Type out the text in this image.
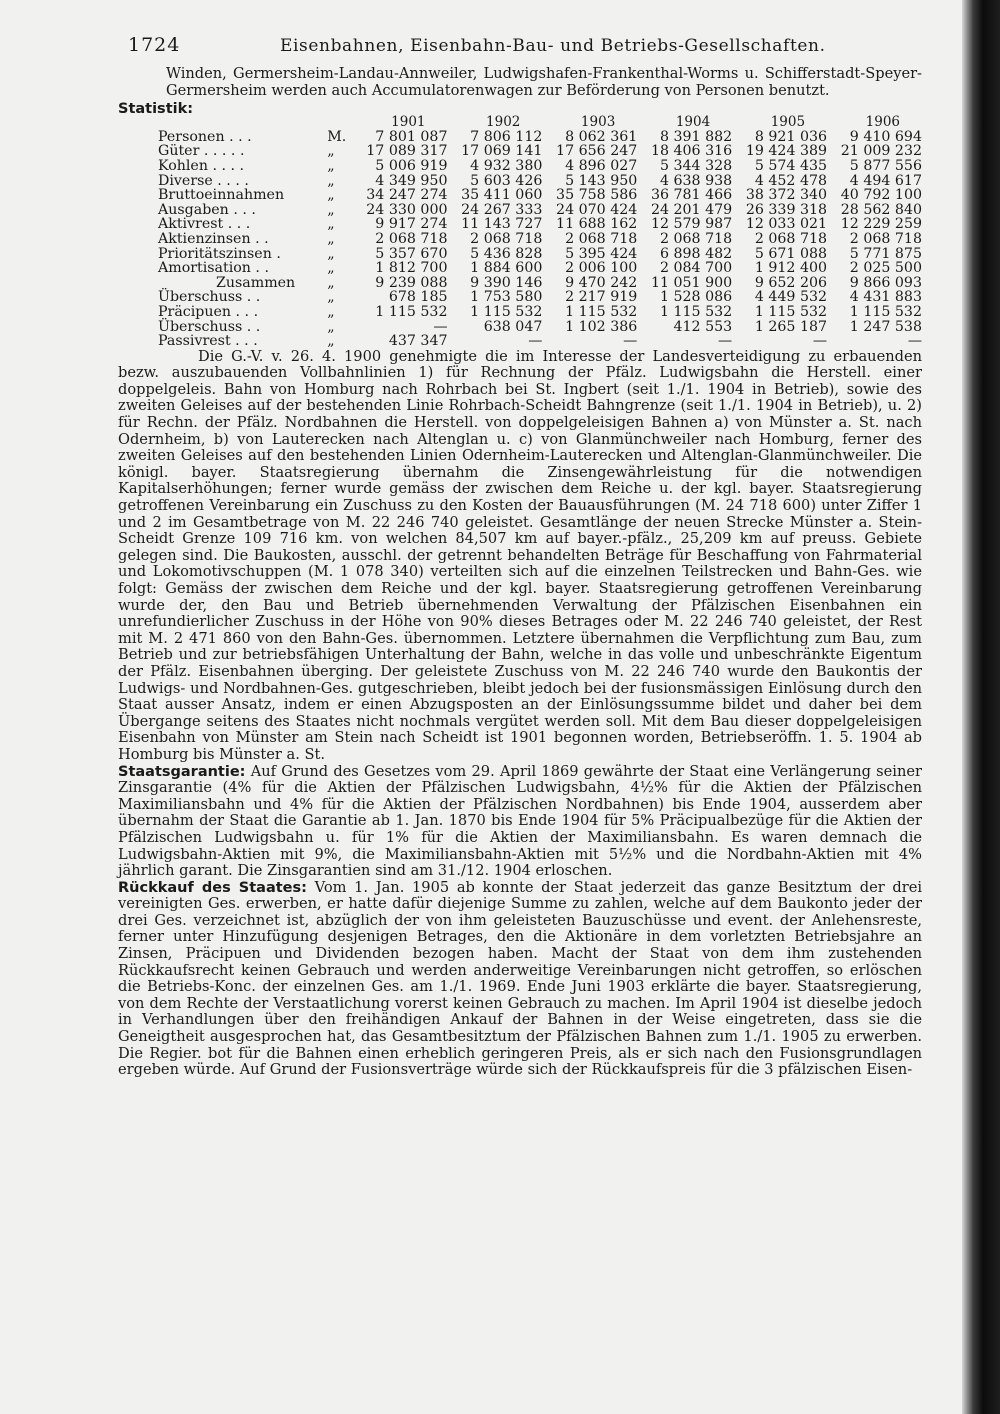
1724	Eisenbahnen, Eisenbahn-Bau- und Betriebs-Gesellschaften.

Winden, Germersheim-Landau-Annweiler, Ludwigshafen-Frankenthal-Worms u. Schifferstadt-Speyer-Germersheim werden auch Accumulatorenwagen zur Beförderung von Personen benutzt.

Statistik:
		1901	1902	1903	1904	1905	1906
Personen . . .	M.	7 801 087	7 806 112	8 062 361	8 391 882	8 921 036	9 410 694
Güter . . . . .	„	17 089 317	17 069 141	17 656 247	18 406 316	19 424 389	21 009 232
Kohlen . . . .	„	5 006 919	4 932 380	4 896 027	5 344 328	5 574 435	5 877 556
Diverse . . . .	„	4 349 950	5 603 426	5 143 950	4 638 938	4 452 478	4 494 617
Bruttoeinnahmen	„	34 247 274	35 411 060	35 758 586	36 781 466	38 372 340	40 792 100
Ausgaben . . .	„	24 330 000	24 267 333	24 070 424	24 201 479	26 339 318	28 562 840
Aktivrest . . .	„	9 917 274	11 143 727	11 688 162	12 579 987	12 033 021	12 229 259
Aktienzinsen . .	„	2 068 718	2 068 718	2 068 718	2 068 718	2 068 718	2 068 718
Prioritätszinsen .	„	5 357 670	5 436 828	5 395 424	6 898 482	5 671 088	5 771 875
Amortisation . .	„	1 812 700	1 884 600	2 006 100	2 084 700	1 912 400	2 025 500
Zusammen	„	9 239 088	9 390 146	9 470 242	11 051 900	9 652 206	9 866 093
Überschuss . .	„	678 185	1 753 580	2 217 919	1 528 086	4 449 532	4 431 883
Präcipuen . . .	„	1 115 532	1 115 532	1 115 532	1 115 532	1 115 532	1 115 532
Überschuss . .	„	—	638 047	1 102 386	412 553	1 265 187	1 247 538
Passivrest . . .	„	437 347	—	—	—	—	—

Die G.-V. v. 26. 4. 1900 genehmigte die im Interesse der Landesverteidigung zu erbauenden bezw. auszubauenden Vollbahnlinien 1) für Rechnung der Pfälz. Ludwigsbahn die Herstell. einer doppelgeleis. Bahn von Homburg nach Rohrbach bei St. Ingbert (seit 1./1. 1904 in Betrieb), sowie des zweiten Geleises auf der bestehenden Linie Rohrbach-Scheidt Bahngrenze (seit 1./1. 1904 in Betrieb), u. 2) für Rechn. der Pfälz. Nordbahnen die Herstell. von doppelgeleisigen Bahnen a) von Münster a. St. nach Odernheim, b) von Lauterecken nach Altenglan u. c) von Glanmünchweiler nach Homburg, ferner des zweiten Geleises auf den bestehenden Linien Odernheim-Lauterecken und Altenglan-Glanmünchweiler. Die königl. bayer. Staatsregierung übernahm die Zinsengewährleistung für die notwendigen Kapitalserhöhungen; ferner wurde gemäss der zwischen dem Reiche u. der kgl. bayer. Staatsregierung getroffenen Vereinbarung ein Zuschuss zu den Kosten der Bauausführungen (M. 24 718 600) unter Ziffer 1 und 2 im Gesamtbetrage von M. 22 246 740 geleistet. Gesamtlänge der neuen Strecke Münster a. Stein-Scheidt Grenze 109 716 km. von welchen 84,507 km auf bayer.-pfälz., 25,209 km auf preuss. Gebiete gelegen sind. Die Baukosten, ausschl. der getrennt behandelten Beträge für Beschaffung von Fahrmaterial und Lokomotivschuppen (M. 1 078 340) verteilten sich auf die einzelnen Teilstrecken und Bahn-Ges. wie folgt: Gemäss der zwischen dem Reiche und der kgl. bayer. Staatsregierung getroffenen Vereinbarung wurde der, den Bau und Betrieb übernehmenden Verwaltung der Pfälzischen Eisenbahnen ein unrefundierlicher Zuschuss in der Höhe von 90% dieses Betrages oder M. 22 246 740 geleistet, der Rest mit M. 2 471 860 von den Bahn-Ges. übernommen. Letztere übernahmen die Verpflichtung zum Bau, zum Betrieb und zur betriebsfähigen Unterhaltung der Bahn, welche in das volle und unbeschränkte Eigentum der Pfälz. Eisenbahnen überging. Der geleistete Zuschuss von M. 22 246 740 wurde den Baukontis der Ludwigs- und Nordbahnen-Ges. gutgeschrieben, bleibt jedoch bei der fusionsmässigen Einlösung durch den Staat ausser Ansatz, indem er einen Abzugsposten an der Einlösungssumme bildet und daher bei dem Übergange seitens des Staates nicht nochmals vergütet werden soll. Mit dem Bau dieser doppelgeleisigen Eisenbahn von Münster am Stein nach Scheidt ist 1901 begonnen worden, Betriebseröffn. 1. 5. 1904 ab Homburg bis Münster a. St.

Staatsgarantie: Auf Grund des Gesetzes vom 29. April 1869 gewährte der Staat eine Verlängerung seiner Zinsgarantie (4% für die Aktien der Pfälzischen Ludwigsbahn, 4½% für die Aktien der Pfälzischen Maximiliansbahn und 4% für die Aktien der Pfälzischen Nordbahnen) bis Ende 1904, ausserdem aber übernahm der Staat die Garantie ab 1. Jan. 1870 bis Ende 1904 für 5% Präcipualbezüge für die Aktien der Pfälzischen Ludwigsbahn u. für 1% für die Aktien der Maximiliansbahn. Es waren demnach die Ludwigsbahn-Aktien mit 9%, die Maximiliansbahn-Aktien mit 5½% und die Nordbahn-Aktien mit 4% jährlich garant. Die Zinsgarantien sind am 31./12. 1904 erloschen.

Rückkauf des Staates: Vom 1. Jan. 1905 ab konnte der Staat jederzeit das ganze Besitztum der drei vereinigten Ges. erwerben, er hatte dafür diejenige Summe zu zahlen, welche auf dem Baukonto jeder der drei Ges. verzeichnet ist, abzüglich der von ihm geleisteten Bauzuschüsse und event. der Anlehensreste, ferner unter Hinzufügung desjenigen Betrages, den die Aktionäre in dem vorletzten Betriebsjahre an Zinsen, Präcipuen und Dividenden bezogen haben. Macht der Staat von dem ihm zustehenden Rückkaufsrecht keinen Gebrauch und werden anderweitige Vereinbarungen nicht getroffen, so erlöschen die Betriebs-Konc. der einzelnen Ges. am 1./1. 1969. Ende Juni 1903 erklärte die bayer. Staatsregierung, von dem Rechte der Verstaatlichung vorerst keinen Gebrauch zu machen. Im April 1904 ist dieselbe jedoch in Verhandlungen über den freihändigen Ankauf der Bahnen in der Weise eingetreten, dass sie die Geneigtheit ausgesprochen hat, das Gesamtbesitztum der Pfälzischen Bahnen zum 1./1. 1905 zu erwerben. Die Regier. bot für die Bahnen einen erheblich geringeren Preis, als er sich nach den Fusionsgrundlagen ergeben würde. Auf Grund der Fusionsverträge würde sich der Rückkaufspreis für die 3 pfälzischen Eisen-
